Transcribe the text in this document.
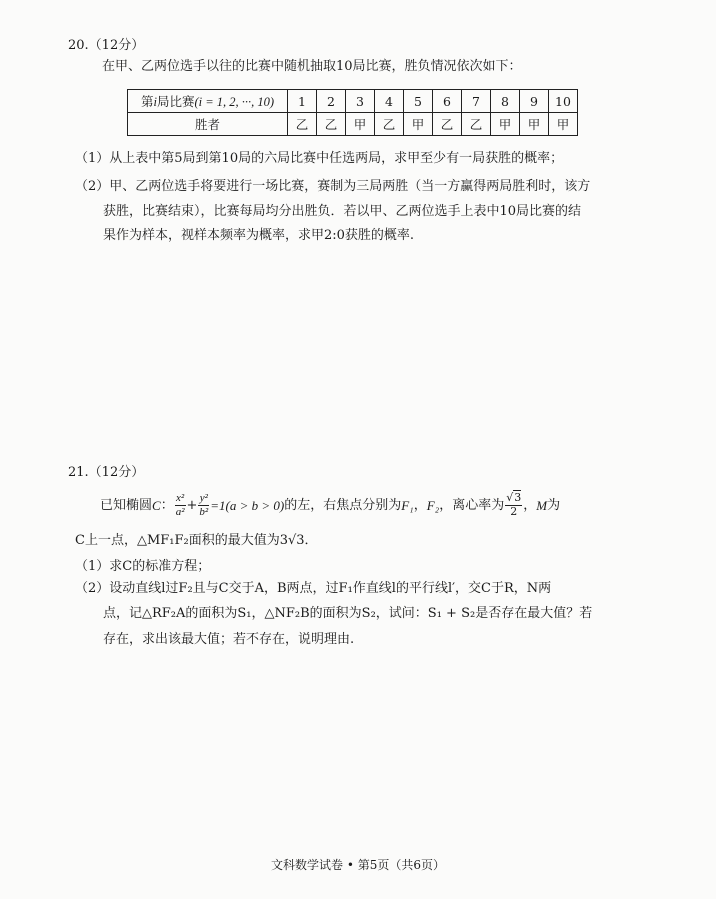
20.（12分）
在甲、乙两位选手以往的比赛中随机抽取10局比赛，胜负情况依次如下：
第i局比赛(i = 1, 2, ···, 10)	1	2	3	4	5	6	7	8	9	10
胜者	乙	乙	甲	乙	甲	乙	乙	甲	甲	甲
（1）从上表中第5局到第10局的六局比赛中任选两局，求甲至少有一局获胜的概率；
（2）甲、乙两位选手将要进行一场比赛，赛制为三局两胜（当一方赢得两局胜利时，该方
获胜，比赛结束），比赛每局均分出胜负．若以甲、乙两位选手上表中10局比赛的结
果作为样本，视样本频率为概率，求甲2:0获胜的概率.
21.（12分）
已知椭圆 C ： $\frac{\text{x²}}{\text{a²}} + \frac{\text{y²}}{\text{b²}} =1(a > b > 0)$ 的左，右焦点分别为 F₁ ， F₂ ，离心率为 $\frac{√3}{2}$ ， M 为
C上一点，△MF₁F₂面积的最大值为3√3．
（1）求C的标准方程；
（2）设动直线l过F₂且与C交于A，B两点，过F₁作直线l的平行线l′，交C于R，N两
点，记△RF₂A的面积为S₁，△NF₂B的面积为S₂，试问：S₁ + S₂是否存在最大值？若
存在，求出该最大值；若不存在，说明理由.
文科数学试卷 • 第5页（共6页）
